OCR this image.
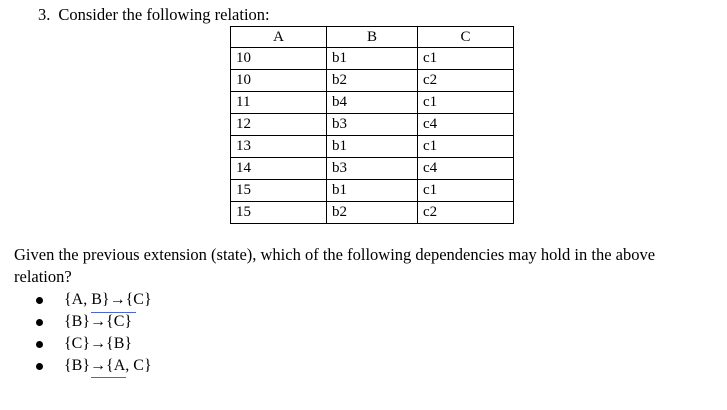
3. Consider the following relation:
A	B	C
10	b1	c1
10	b2	c2
11	b4	c1
12	b3	c4
13	b1	c1
14	b3	c4
15	b1	c1
15	b2	c2
Given the previous extension (state), which of the following dependencies may hold in the above relation?
{A, B}→{C}
{B}→{C}
{C}→{B}
{B}→{A, C}
